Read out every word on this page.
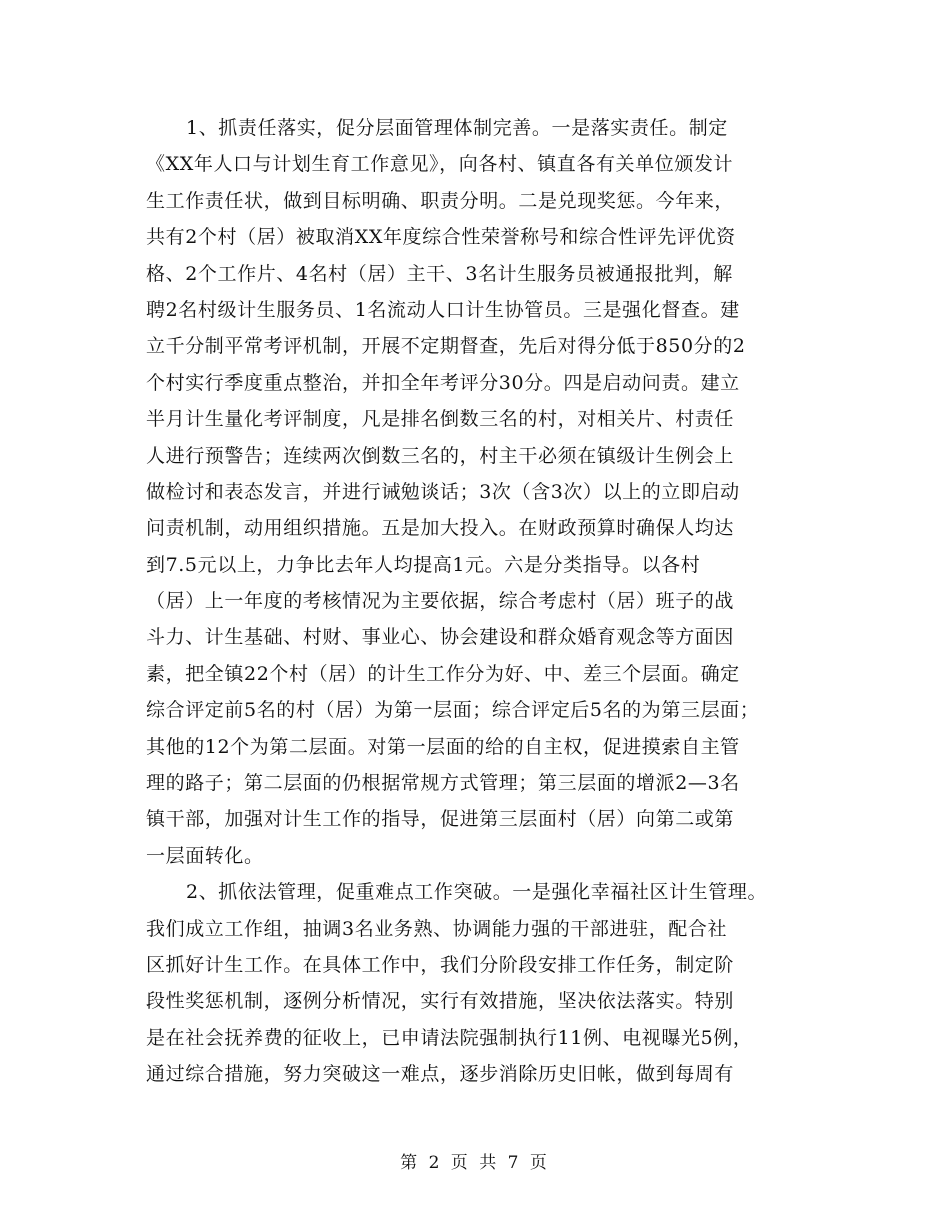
1、抓责任落实，促分层面管理体制完善。一是落实责任。制定
《XX年人口与计划生育工作意见》，向各村、镇直各有关单位颁发计
生工作责任状，做到目标明确、职责分明。二是兑现奖惩。今年来，
共有2个村（居）被取消XX年度综合性荣誉称号和综合性评先评优资
格、2个工作片、4名村（居）主干、3名计生服务员被通报批判，解
聘2名村级计生服务员、1名流动人口计生协管员。三是强化督查。建
立千分制平常考评机制，开展不定期督查，先后对得分低于850分的2
个村实行季度重点整治，并扣全年考评分30分。四是启动问责。建立
半月计生量化考评制度，凡是排名倒数三名的村，对相关片、村责任
人进行预警告；连续两次倒数三名的，村主干必须在镇级计生例会上
做检讨和表态发言，并进行诫勉谈话；3次（含3次）以上的立即启动
问责机制，动用组织措施。五是加大投入。在财政预算时确保人均达
到7.5元以上，力争比去年人均提高1元。六是分类指导。以各村
（居）上一年度的考核情况为主要依据，综合考虑村（居）班子的战
斗力、计生基础、村财、事业心、协会建设和群众婚育观念等方面因
素，把全镇22个村（居）的计生工作分为好、中、差三个层面。确定
综合评定前5名的村（居）为第一层面；综合评定后5名的为第三层面；
其他的12个为第二层面。对第一层面的给的自主权，促进摸索自主管
理的路子；第二层面的仍根据常规方式管理；第三层面的增派2—3名
镇干部，加强对计生工作的指导，促进第三层面村（居）向第二或第
一层面转化。
2、抓依法管理，促重难点工作突破。一是强化幸福社区计生管理。
我们成立工作组，抽调3名业务熟、协调能力强的干部进驻，配合社
区抓好计生工作。在具体工作中，我们分阶段安排工作任务，制定阶
段性奖惩机制，逐例分析情况，实行有效措施，坚决依法落实。特别
是在社会抚养费的征收上，已申请法院强制执行11例、电视曝光5例，
通过综合措施，努力突破这一难点，逐步消除历史旧帐，做到每周有
第 2 页 共 7 页
